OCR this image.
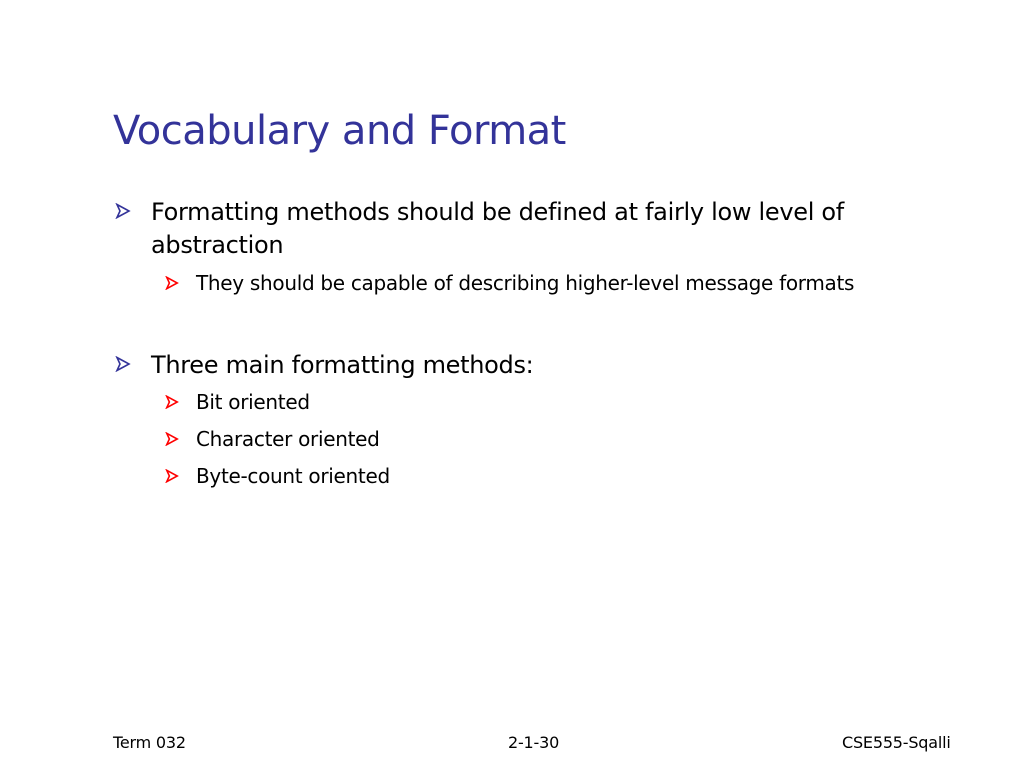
Vocabulary and Format
Formatting methods should be defined at fairly low level of
abstraction
They should be capable of describing higher-level message formats
Three main formatting methods:
Bit oriented
Character oriented
Byte-count oriented
Term 032	2-1-30	CSE555-Sqalli
